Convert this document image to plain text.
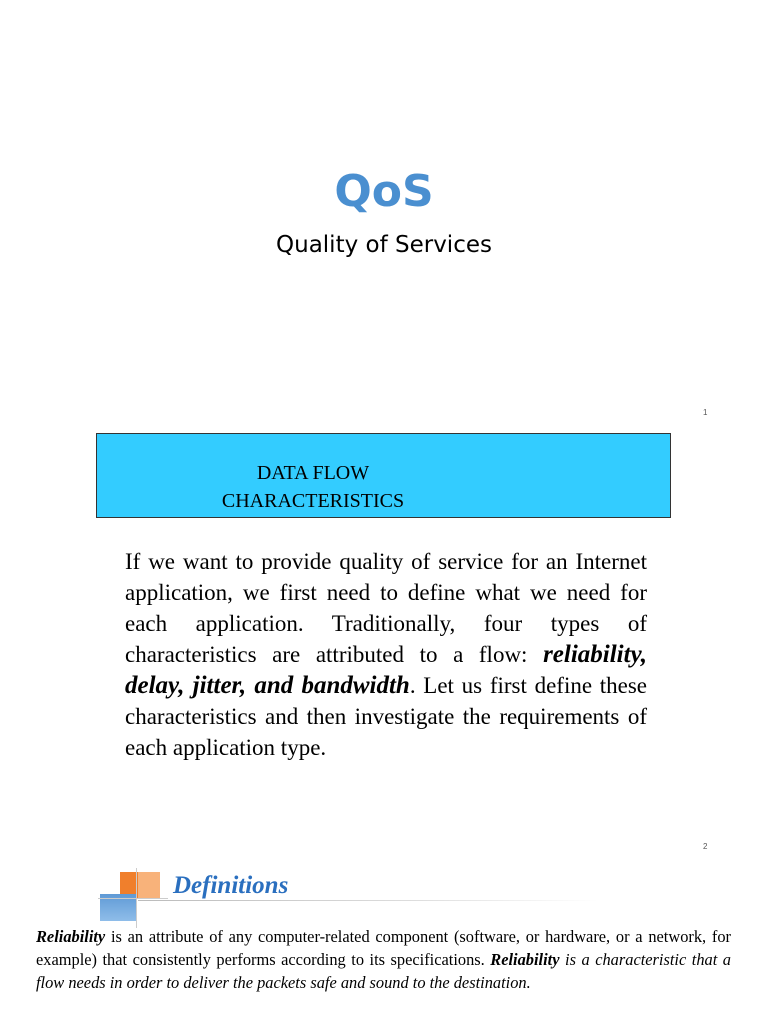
QoS
Quality of Services
1
DATA FLOW CHARACTERISTICS

If we want to provide quality of service for an Internet application, we first need to define what we need for each application. Traditionally, four types of characteristics are attributed to a flow: reliability, delay, jitter, and bandwidth. Let us first define these characteristics and then investigate the requirements of each application type.

2
Definitions

Reliability is an attribute of any computer-related component (software, or hardware, or a network, for example) that consistently performs according to its specifications. Reliability is a characteristic that a flow needs in order to deliver the packets safe and sound to the destination.
